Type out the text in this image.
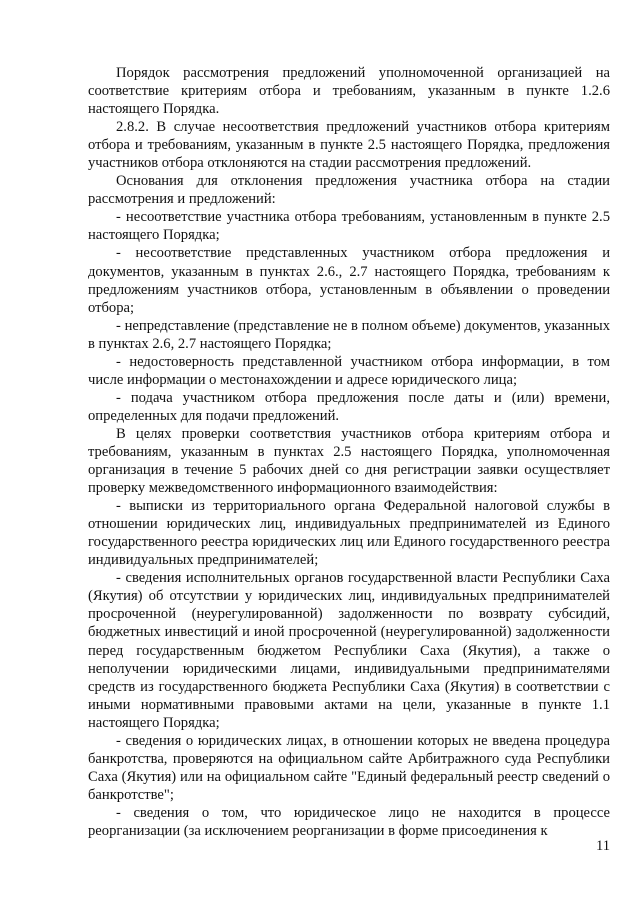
Порядок рассмотрения предложений уполномоченной организацией на соответствие критериям отбора и требованиям, указанным в пункте 1.2.6 настоящего Порядка.

2.8.2. В случае несоответствия предложений участников отбора критериям отбора и требованиям, указанным в пункте 2.5 настоящего Порядка, предложения участников отбора отклоняются на стадии рассмотрения предложений.

Основания для отклонения предложения участника отбора на стадии рассмотрения и предложений:

- несоответствие участника отбора требованиям, установленным в пункте 2.5 настоящего Порядка;

- несоответствие представленных участником отбора предложения и документов, указанным в пунктах 2.6., 2.7 настоящего Порядка, требованиям к предложениям участников отбора, установленным в объявлении о проведении отбора;

- непредставление (представление не в полном объеме) документов, указанных в пунктах 2.6, 2.7 настоящего Порядка;

- недостоверность представленной участником отбора информации, в том числе информации о местонахождении и адресе юридического лица;

- подача участником отбора предложения после даты и (или) времени, определенных для подачи предложений.

В целях проверки соответствия участников отбора критериям отбора и требованиям, указанным в пунктах 2.5 настоящего Порядка, уполномоченная организация в течение 5 рабочих дней со дня регистрации заявки осуществляет проверку межведомственного информационного взаимодействия:

- выписки из территориального органа Федеральной налоговой службы в отношении юридических лиц, индивидуальных предпринимателей из Единого государственного реестра юридических лиц или Единого государственного реестра индивидуальных предпринимателей;

- сведения исполнительных органов государственной власти Республики Саха (Якутия) об отсутствии у юридических лиц, индивидуальных предпринимателей просроченной (неурегулированной) задолженности по возврату субсидий, бюджетных инвестиций и иной просроченной (неурегулированной) задолженности перед государственным бюджетом Республики Саха (Якутия), а также о неполучении юридическими лицами, индивидуальными предпринимателями средств из государственного бюджета Республики Саха (Якутия) в соответствии с иными нормативными правовыми актами на цели, указанные в пункте 1.1 настоящего Порядка;

- сведения о юридических лицах, в отношении которых не введена процедура банкротства, проверяются на официальном сайте Арбитражного суда Республики Саха (Якутия) или на официальном сайте "Единый федеральный реестр сведений о банкротстве";

- сведения о том, что юридическое лицо не находится в процессе реорганизации (за исключением реорганизации в форме присоединения к

11
